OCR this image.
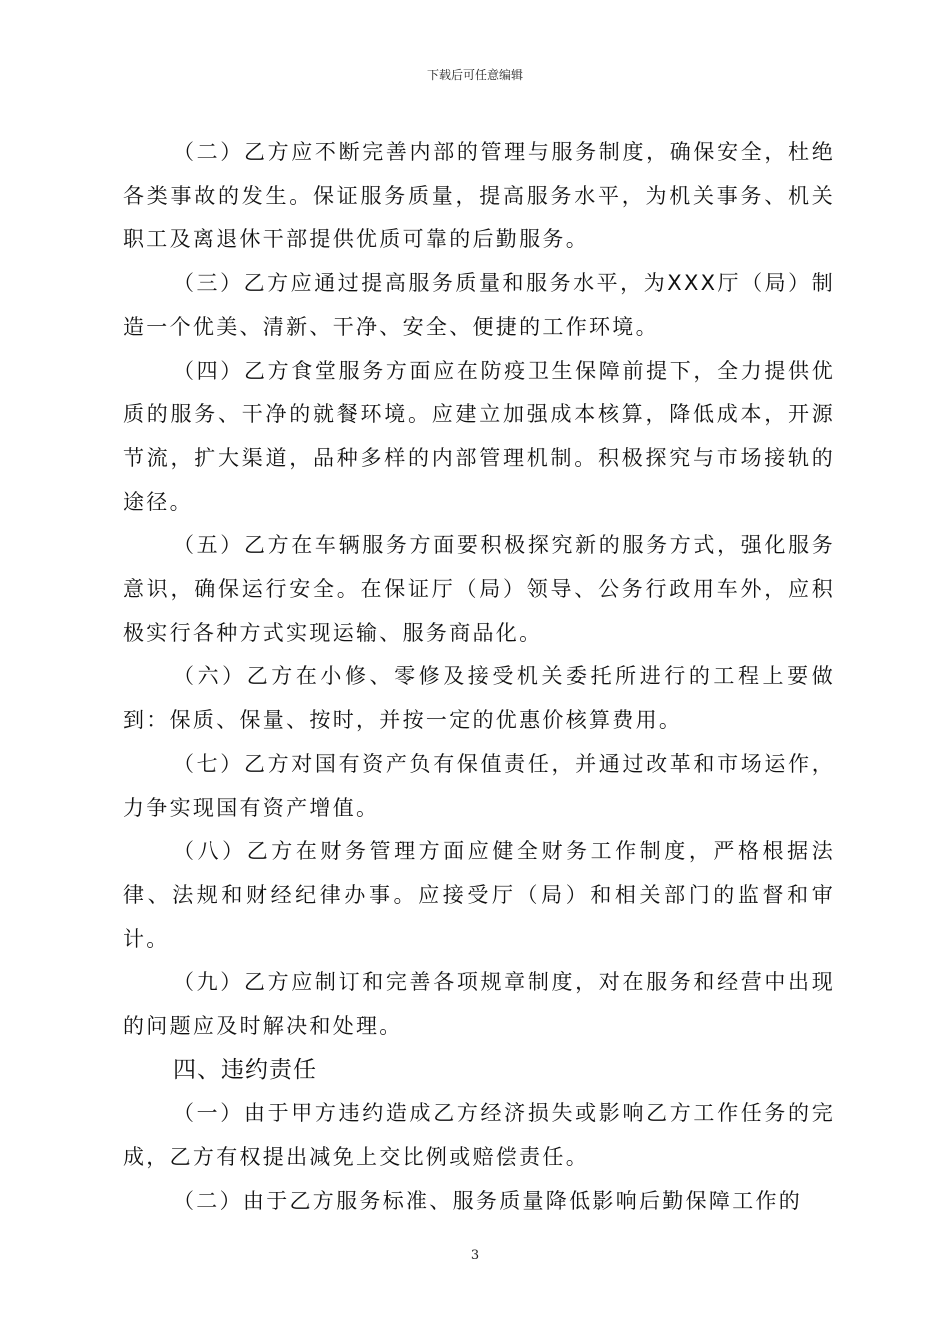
下载后可任意编辑

（二）乙方应不断完善内部的管理与服务制度，确保安全，杜绝各类事故的发生。保证服务质量，提高服务水平，为机关事务、机关职工及离退休干部提供优质可靠的后勤服务。

（三）乙方应通过提高服务质量和服务水平，为XXX厅（局）制造一个优美、清新、干净、安全、便捷的工作环境。

（四）乙方食堂服务方面应在防疫卫生保障前提下，全力提供优质的服务、干净的就餐环境。应建立加强成本核算，降低成本，开源节流，扩大渠道，品种多样的内部管理机制。积极探究与市场接轨的途径。

（五）乙方在车辆服务方面要积极探究新的服务方式，强化服务意识，确保运行安全。在保证厅（局）领导、公务行政用车外，应积极实行各种方式实现运输、服务商品化。

（六）乙方在小修、零修及接受机关委托所进行的工程上要做到：保质、保量、按时，并按一定的优惠价核算费用。

（七）乙方对国有资产负有保值责任，并通过改革和市场运作，力争实现国有资产增值。

（八）乙方在财务管理方面应健全财务工作制度，严格根据法律、法规和财经纪律办事。应接受厅（局）和相关部门的监督和审计。

（九）乙方应制订和完善各项规章制度，对在服务和经营中出现的问题应及时解决和处理。

四、违约责任

（一）由于甲方违约造成乙方经济损失或影响乙方工作任务的完成，乙方有权提出减免上交比例或赔偿责任。

（二）由于乙方服务标准、服务质量降低影响后勤保障工作的

3
